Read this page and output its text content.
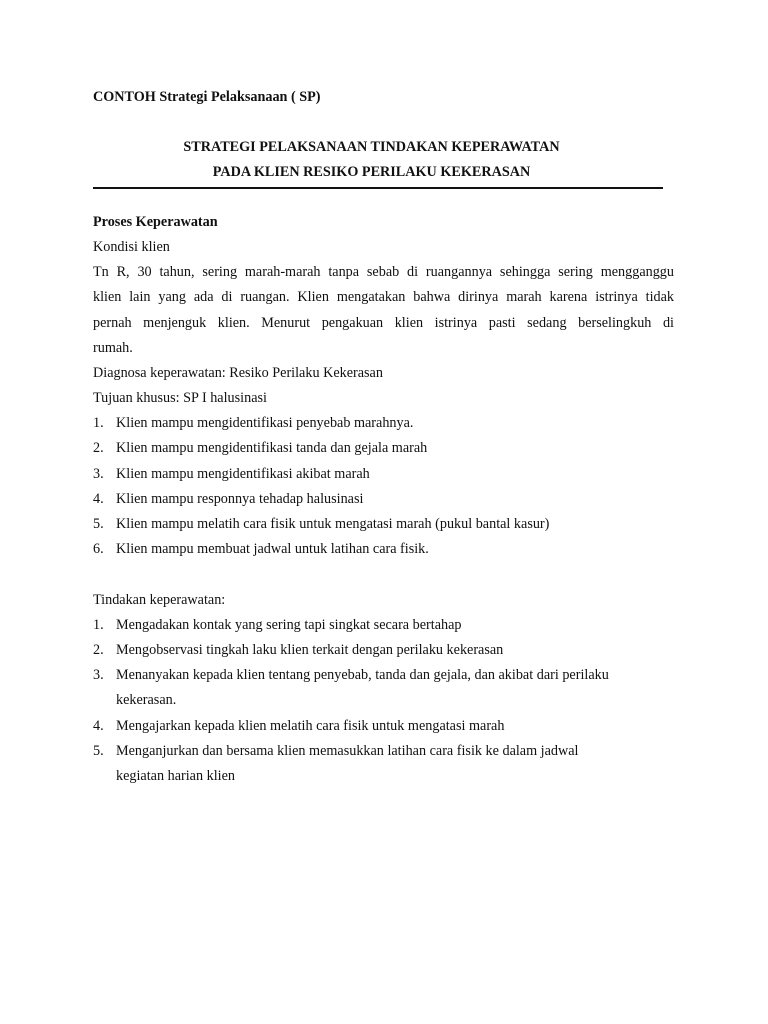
CONTOH Strategi Pelaksanaan ( SP)
STRATEGI PELAKSANAAN TINDAKAN KEPERAWATAN
PADA KLIEN RESIKO PERILAKU KEKERASAN
Proses Keperawatan
Kondisi klien
Tn R, 30 tahun, sering marah-marah tanpa sebab di ruangannya sehingga sering mengganggu
klien lain yang ada di ruangan. Klien mengatakan bahwa dirinya marah karena istrinya tidak
pernah menjenguk klien. Menurut pengakuan klien istrinya pasti sedang berselingkuh di
rumah.
Diagnosa keperawatan: Resiko Perilaku Kekerasan
Tujuan khusus: SP I halusinasi
1. Klien mampu mengidentifikasi penyebab marahnya.
2. Klien mampu mengidentifikasi tanda dan gejala marah
3. Klien mampu mengidentifikasi akibat marah
4. Klien mampu responnya tehadap halusinasi
5. Klien mampu melatih cara fisik untuk mengatasi marah (pukul bantal kasur)
6. Klien mampu membuat jadwal untuk latihan cara fisik.
Tindakan keperawatan:
1. Mengadakan kontak yang sering tapi singkat secara bertahap
2. Mengobservasi tingkah laku klien terkait dengan perilaku kekerasan
3. Menanyakan kepada klien tentang penyebab, tanda dan gejala, dan akibat dari perilaku
kekerasan.
4. Mengajarkan kepada klien melatih cara fisik untuk mengatasi marah
5. Menganjurkan dan bersama klien memasukkan latihan cara fisik ke dalam jadwal
kegiatan harian klien
